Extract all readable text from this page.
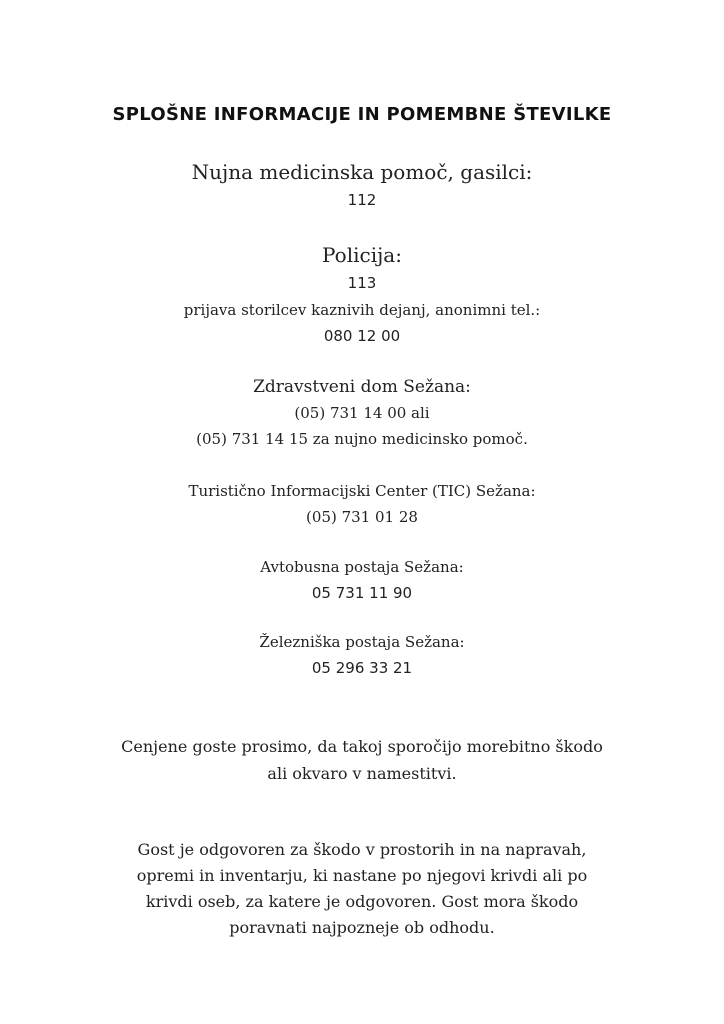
SPLOŠNE INFORMACIJE IN POMEMBNE ŠTEVILKE
Nujna medicinska pomoč, gasilci:
112
Policija:
113
prijava storilcev kaznivih dejanj, anonimni tel.:
080 12 00
Zdravstveni dom Sežana:
(05) 731 14 00 ali
(05) 731 14 15 za nujno medicinsko pomoč.
Turistično Informacijski Center (TIC) Sežana:
(05) 731 01 28
Avtobusna postaja Sežana:
05 731 11 90
Železniška postaja Sežana:
05 296 33 21
Cenjene goste prosimo, da takoj sporočijo morebitno škodo
ali okvaro v namestitvi.
Gost je odgovoren za škodo v prostorih in na napravah,
opremi in inventarju, ki nastane po njegovi krivdi ali po
krivdi oseb, za katere je odgovoren. Gost mora škodo
poravnati najpozneje ob odhodu.
